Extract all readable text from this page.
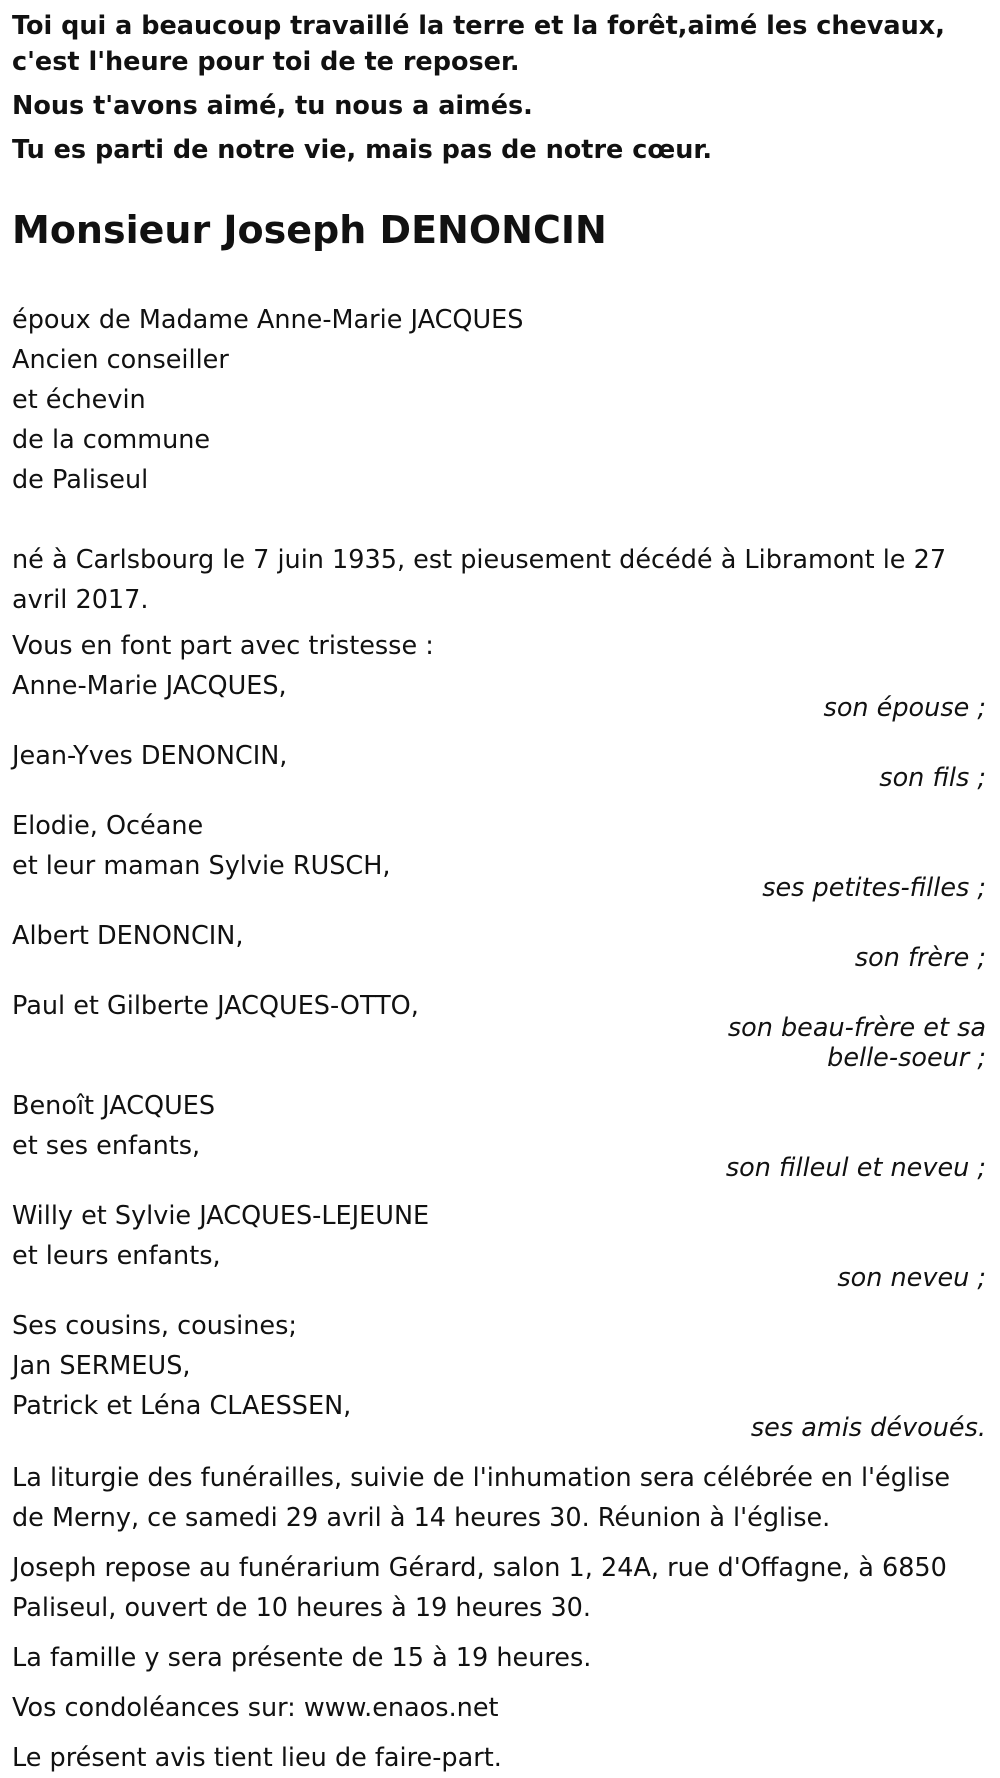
Toi qui a beaucoup travaillé la terre et la forêt,aimé les chevaux, c'est l'heure pour toi de te reposer.

Nous t'avons aimé, tu nous a aimés.

Tu es parti de notre vie, mais pas de notre cœur.

Monsieur Joseph DENONCIN
époux de Madame Anne-Marie JACQUES
Ancien conseiller
et échevin
de la commune
de Paliseul
né à Carlsbourg le 7 juin 1935, est pieusement décédé à Libramont le 27 avril 2017.
Vous en font part avec tristesse :
Anne-Marie JACQUES,
son épouse ;
Jean-Yves DENONCIN,
son fils ;
Elodie, Océane
et leur maman Sylvie RUSCH,
ses petites-filles ;
Albert DENONCIN,
son frère ;
Paul et Gilberte JACQUES-OTTO,
son beau-frère et sa
belle-soeur ;
Benoît JACQUES
et ses enfants,
son filleul et neveu ;
Willy et Sylvie JACQUES-LEJEUNE
et leurs enfants,
son neveu ;
Ses cousins, cousines;
Jan SERMEUS,
Patrick et Léna CLAESSEN,
ses amis dévoués.
La liturgie des funérailles, suivie de l'inhumation sera célébrée en l'église de Merny, ce samedi 29 avril à 14 heures 30. Réunion à l'église.
Joseph repose au funérarium Gérard, salon 1, 24A, rue d'Offagne, à 6850 Paliseul, ouvert de 10 heures à 19 heures 30.
La famille y sera présente de 15 à 19 heures.
Vos condoléances sur: www.enaos.net
Le présent avis tient lieu de faire-part.
